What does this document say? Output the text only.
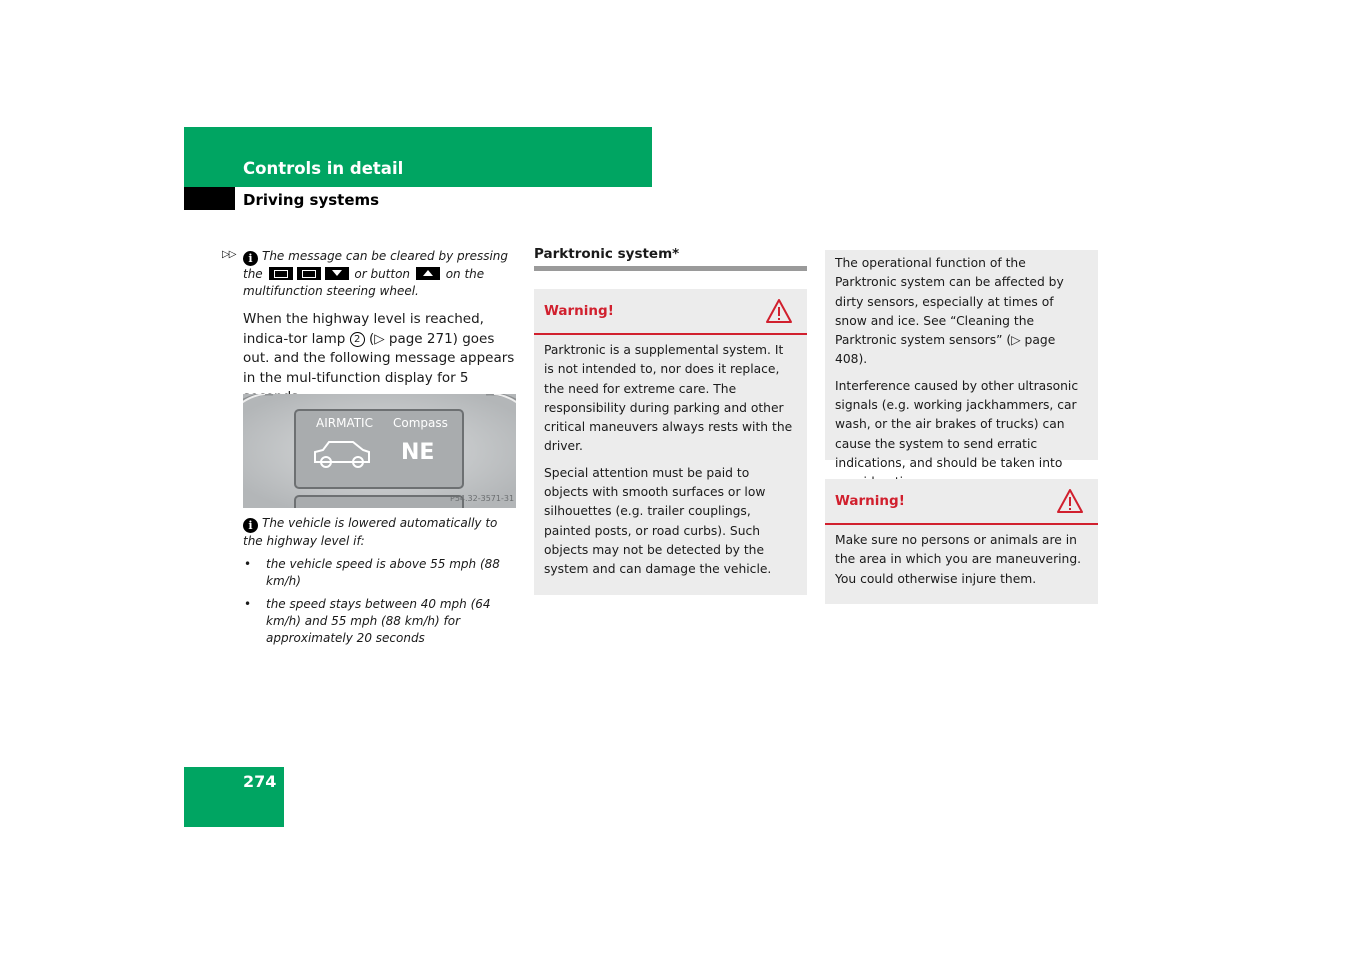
Controls in detail
Driving systems
▷▷	i The message can be cleared by pressing the	or button	on the multifunction steering wheel.
When the highway level is reached, indica-tor lamp 2 (▷ page 271) goes out. and the following message appears in the mul-tifunction display for 5
AIRMATIC Compass
NE
P54.32-3571-31
i The vehicle is lowered automatically to the highway level if:
• the vehicle speed is above 55 mph (88 km/h)
• the speed stays between 40 mph (64 km/h) and 55 mph (88 km/h) for approximately 20 seconds
Parktronic system*
Warning!

Parktronic is a supplemental system. It is not intended to, nor does it replace, the need for extreme care. The responsibility during parking and other critical maneuvers always rests with the driver.

Special attention must be paid to objects with smooth surfaces or low silhouettes (e.g. trailer couplings, painted posts, or road curbs). Such objects may not be detected by the system and can damage the vehicle.

The operational function of the Parktronic system can be affected by dirty sensors, especially at times of snow and ice. See “Cleaning the Parktronic system sensors” (▷ page 408).

Interference caused by other ultrasonic signals (e.g. working jackhammers, car wash, or the air brakes of trucks) can cause the system to send erratic indications, and should be taken into

Warning!

Make sure no persons or animals are in the area in which you are maneuvering. You could otherwise injure them.

274
